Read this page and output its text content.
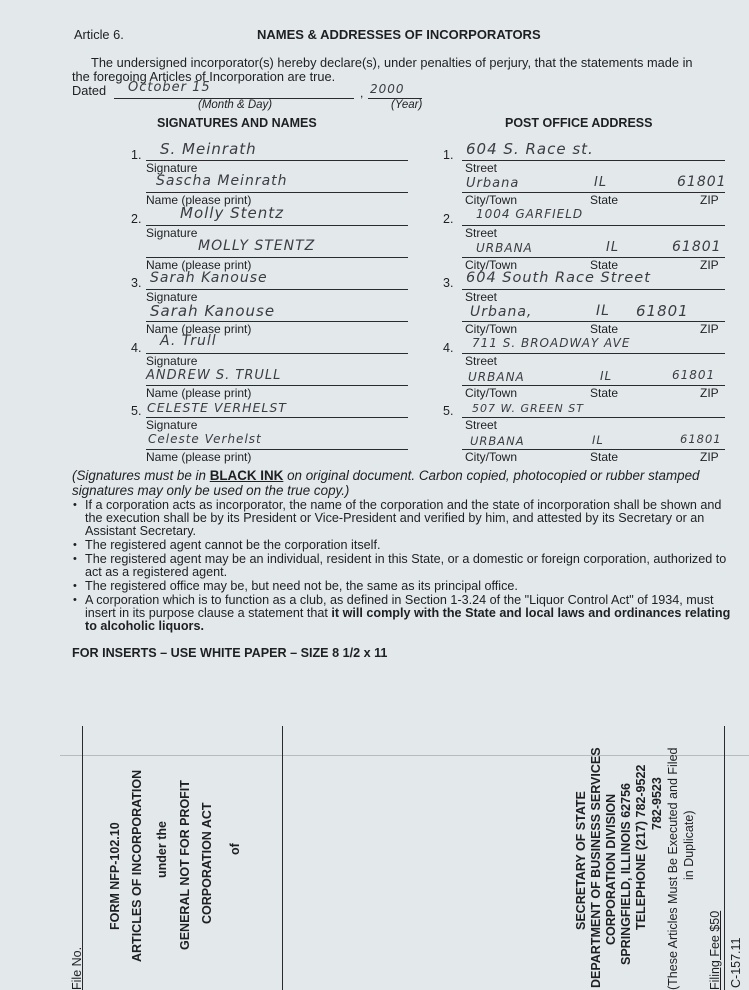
Article 6.	NAMES & ADDRESSES OF INCORPORATORS
The undersigned incorporator(s) hereby declare(s), under penalties of perjury, that the statements made in
the foregoing Articles of Incorporation are true.
Dated October 15
(Month & Day)
, 2000
(Year)
SIGNATURES AND NAMES	POST OFFICE ADDRESS
1. S. Meinrath
Signature
Sascha Meinrath
Name (please print)
1. 604 S. Race st.
Street
Urbana	IL	61801
City/Town	State	ZIP
2.	Molly Stentz
Signature
MOLLY STENTZ
Name (please print)
2. 1004 GARFIELD
Street
URBANA	IL	61801
City/Town	State	ZIP
3. Sarah Kanouse
Signature
Sarah Kanouse
Name (please print)
3. 604 South Race Street
Street
Urbana,	IL 61801
City/Town	State	ZIP
4. A. Trull
Signature
ANDREW S. TRULL
Name (please print)
4. 711 S. BROADWAY AVE
Street
URBANA	IL	61801
City/Town	State	ZIP
5. CELESTE VERHELST
Signature
Celeste Verhelst
Name (please print)
5. 507 W. GREEN ST
Street
URBANA	IL	61801
City/Town	State	ZIP
(Signatures must be in BLACK INK on original document. Carbon copied, photocopied or rubber stamped
signatures may only be used on the true copy.)
• If a corporation acts as incorporator, the name of the corporation and the state of incorporation shall be shown and the execution shall be by its President or Vice-President and verified by him, and attested by its Secretary or an Assistant Secretary.
• The registered agent cannot be the corporation itself.
• The registered agent may be an individual, resident in this State, or a domestic or foreign corporation, authorized to act as a registered agent.
• The registered office may be, but need not be, the same as its principal office.
• A corporation which is to function as a club, as defined in Section 1-3.24 of the "Liquor Control Act" of 1934, must insert in its purpose clause a statement that it will comply with the State and local laws and ordinances relating to alcoholic liquors.
FOR INSERTS – USE WHITE PAPER – SIZE 8 1/2 x 11
File No.
FORM NFP-102.10 ARTICLES OF INCORPORATION under the GENERAL NOT FOR PROFIT CORPORATION ACT of	SECRETARY OF STATE DEPARTMENT OF BUSINESS SERVICES CORPORATION DIVISION SPRINGFIELD, ILLINOIS 62756 TELEPHONE (217) 782-9522 782-9523 (These Articles Must Be Executed and Filed in Duplicate)
Filing Fee $50 C-157.11
